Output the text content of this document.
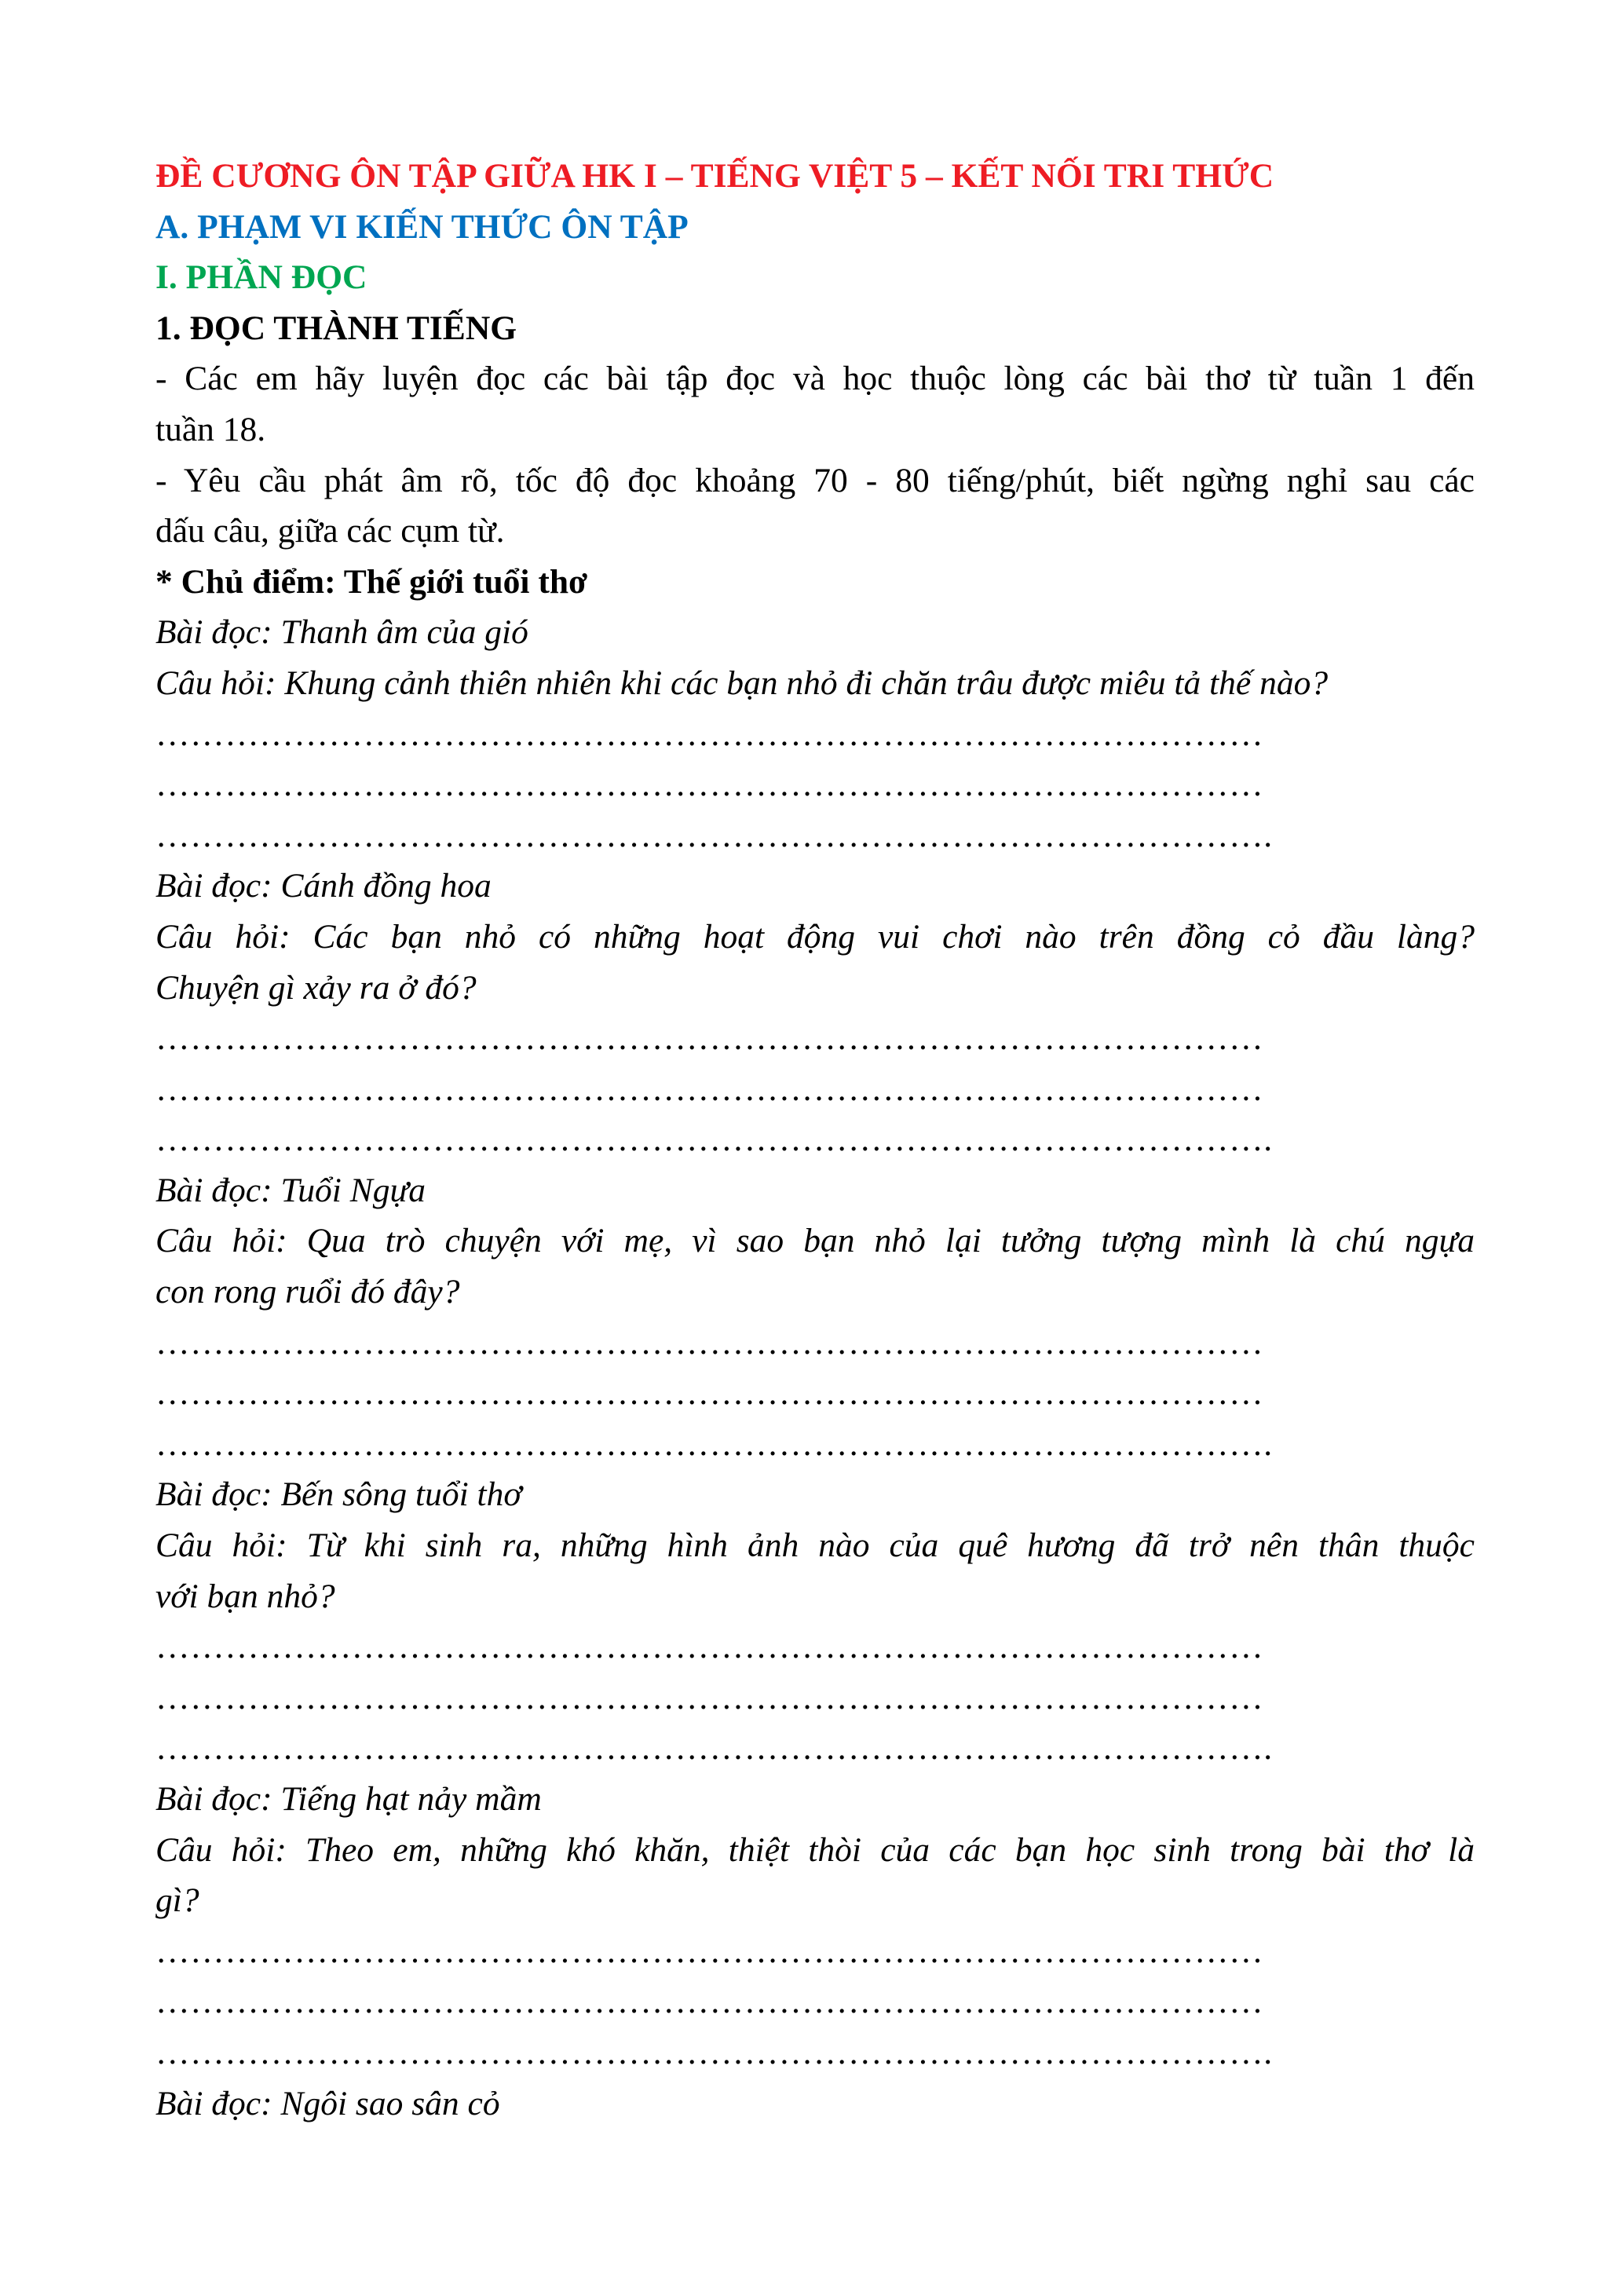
ĐỀ CƯƠNG ÔN TẬP GIỮA HK I – TIẾNG VIỆT 5 – KẾT NỐI TRI THỨC
A. PHẠM VI KIẾN THỨC ÔN TẬP
I. PHẦN ĐỌC
1. ĐỌC THÀNH TIẾNG
- Các em hãy luyện đọc các bài tập đọc và học thuộc lòng các bài thơ từ tuần 1 đến
tuần 18.
- Yêu cầu phát âm rõ, tốc độ đọc khoảng 70 - 80 tiếng/phút, biết ngừng nghỉ sau các
dấu câu, giữa các cụm từ.
* Chủ điểm: Thế giới tuổi thơ
Bài đọc: Thanh âm của gió
Câu hỏi: Khung cảnh thiên nhiên khi các bạn nhỏ đi chăn trâu được miêu tả thế nào?
……………………………………………………………………………………
……………………………………………………………………………………
…………………………………………………………………………………….
Bài đọc: Cánh đồng hoa
Câu hỏi: Các bạn nhỏ có những hoạt động vui chơi nào trên đồng cỏ đầu làng?
Chuyện gì xảy ra ở đó?
……………………………………………………………………………………
……………………………………………………………………………………
…………………………………………………………………………………….
Bài đọc: Tuổi Ngựa
Câu hỏi: Qua trò chuyện với mẹ, vì sao bạn nhỏ lại tưởng tượng mình là chú ngựa
con rong ruổi đó đây?
……………………………………………………………………………………
……………………………………………………………………………………
…………………………………………………………………………………….
Bài đọc: Bến sông tuổi thơ
Câu hỏi: Từ khi sinh ra, những hình ảnh nào của quê hương đã trở nên thân thuộc
với bạn nhỏ?
……………………………………………………………………………………
……………………………………………………………………………………
…………………………………………………………………………………….
Bài đọc: Tiếng hạt nảy mầm
Câu hỏi: Theo em, những khó khăn, thiệt thòi của các bạn học sinh trong bài thơ là
gì?
……………………………………………………………………………………
……………………………………………………………………………………
…………………………………………………………………………………….
Bài đọc: Ngôi sao sân cỏ
